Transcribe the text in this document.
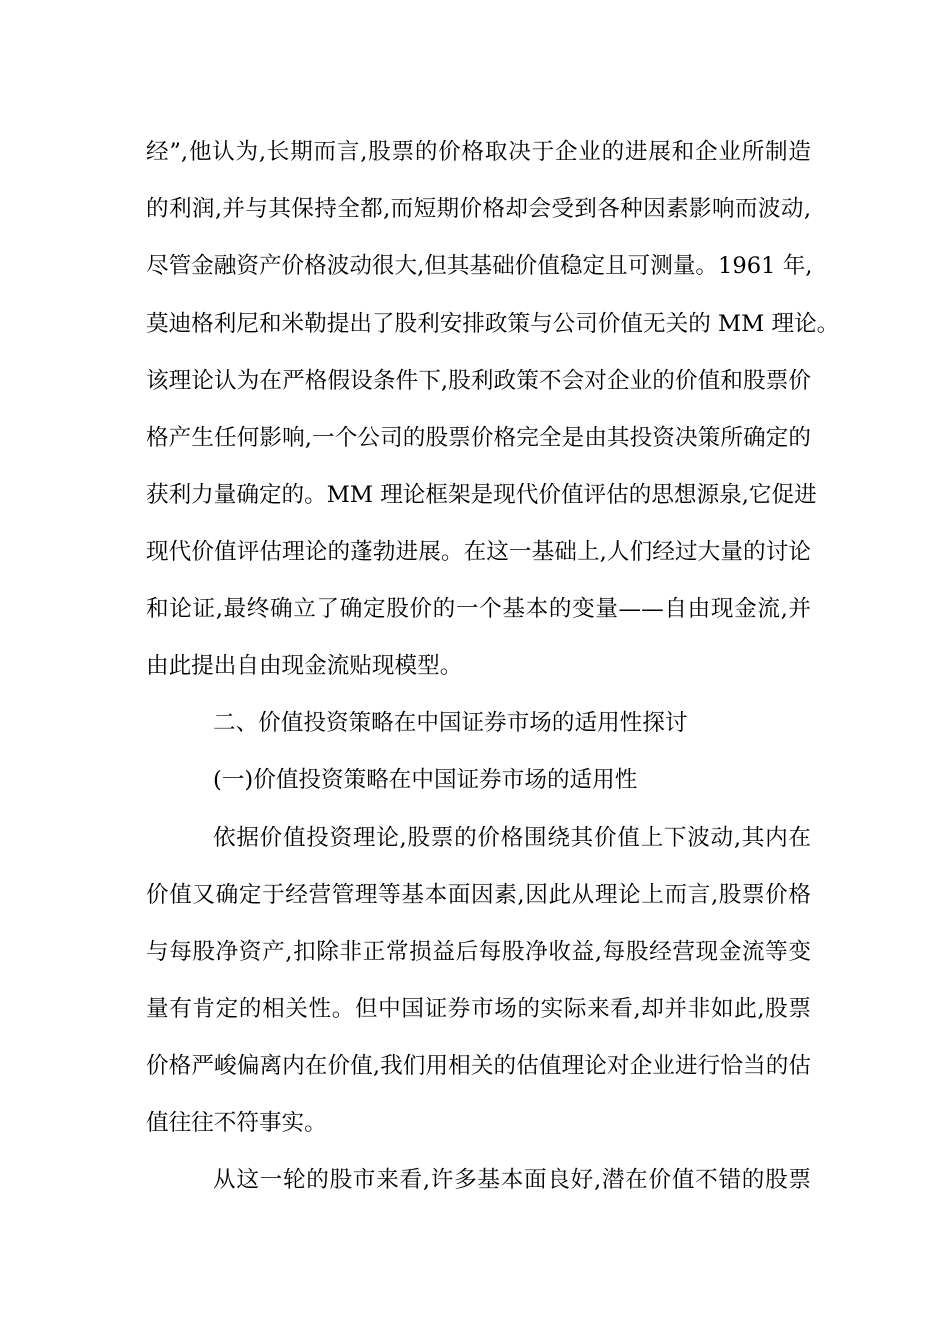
经”,他认为,长期而言,股票的价格取决于企业的进展和企业所制造
的利润,并与其保持全都,而短期价格却会受到各种因素影响而波动,
尽管金融资产价格波动很大,但其基础价值稳定且可测量。1961 年,
莫迪格利尼和米勒提出了股利安排政策与公司价值无关的 MM 理论。
该理论认为在严格假设条件下,股利政策不会对企业的价值和股票价
格产生任何影响,一个公司的股票价格完全是由其投资决策所确定的
获利力量确定的。MM 理论框架是现代价值评估的思想源泉,它促进
现代价值评估理论的蓬勃进展。在这一基础上,人们经过大量的讨论
和论证,最终确立了确定股价的一个基本的变量——自由现金流,并
由此提出自由现金流贴现模型。
二、价值投资策略在中国证券市场的适用性探讨
(一)价值投资策略在中国证券市场的适用性
依据价值投资理论,股票的价格围绕其价值上下波动,其内在
价值又确定于经营管理等基本面因素,因此从理论上而言,股票价格
与每股净资产,扣除非正常损益后每股净收益,每股经营现金流等变
量有肯定的相关性。但中国证券市场的实际来看,却并非如此,股票
价格严峻偏离内在价值,我们用相关的估值理论对企业进行恰当的估
值往往不符事实。
从这一轮的股市来看,许多基本面良好,潜在价值不错的股票
